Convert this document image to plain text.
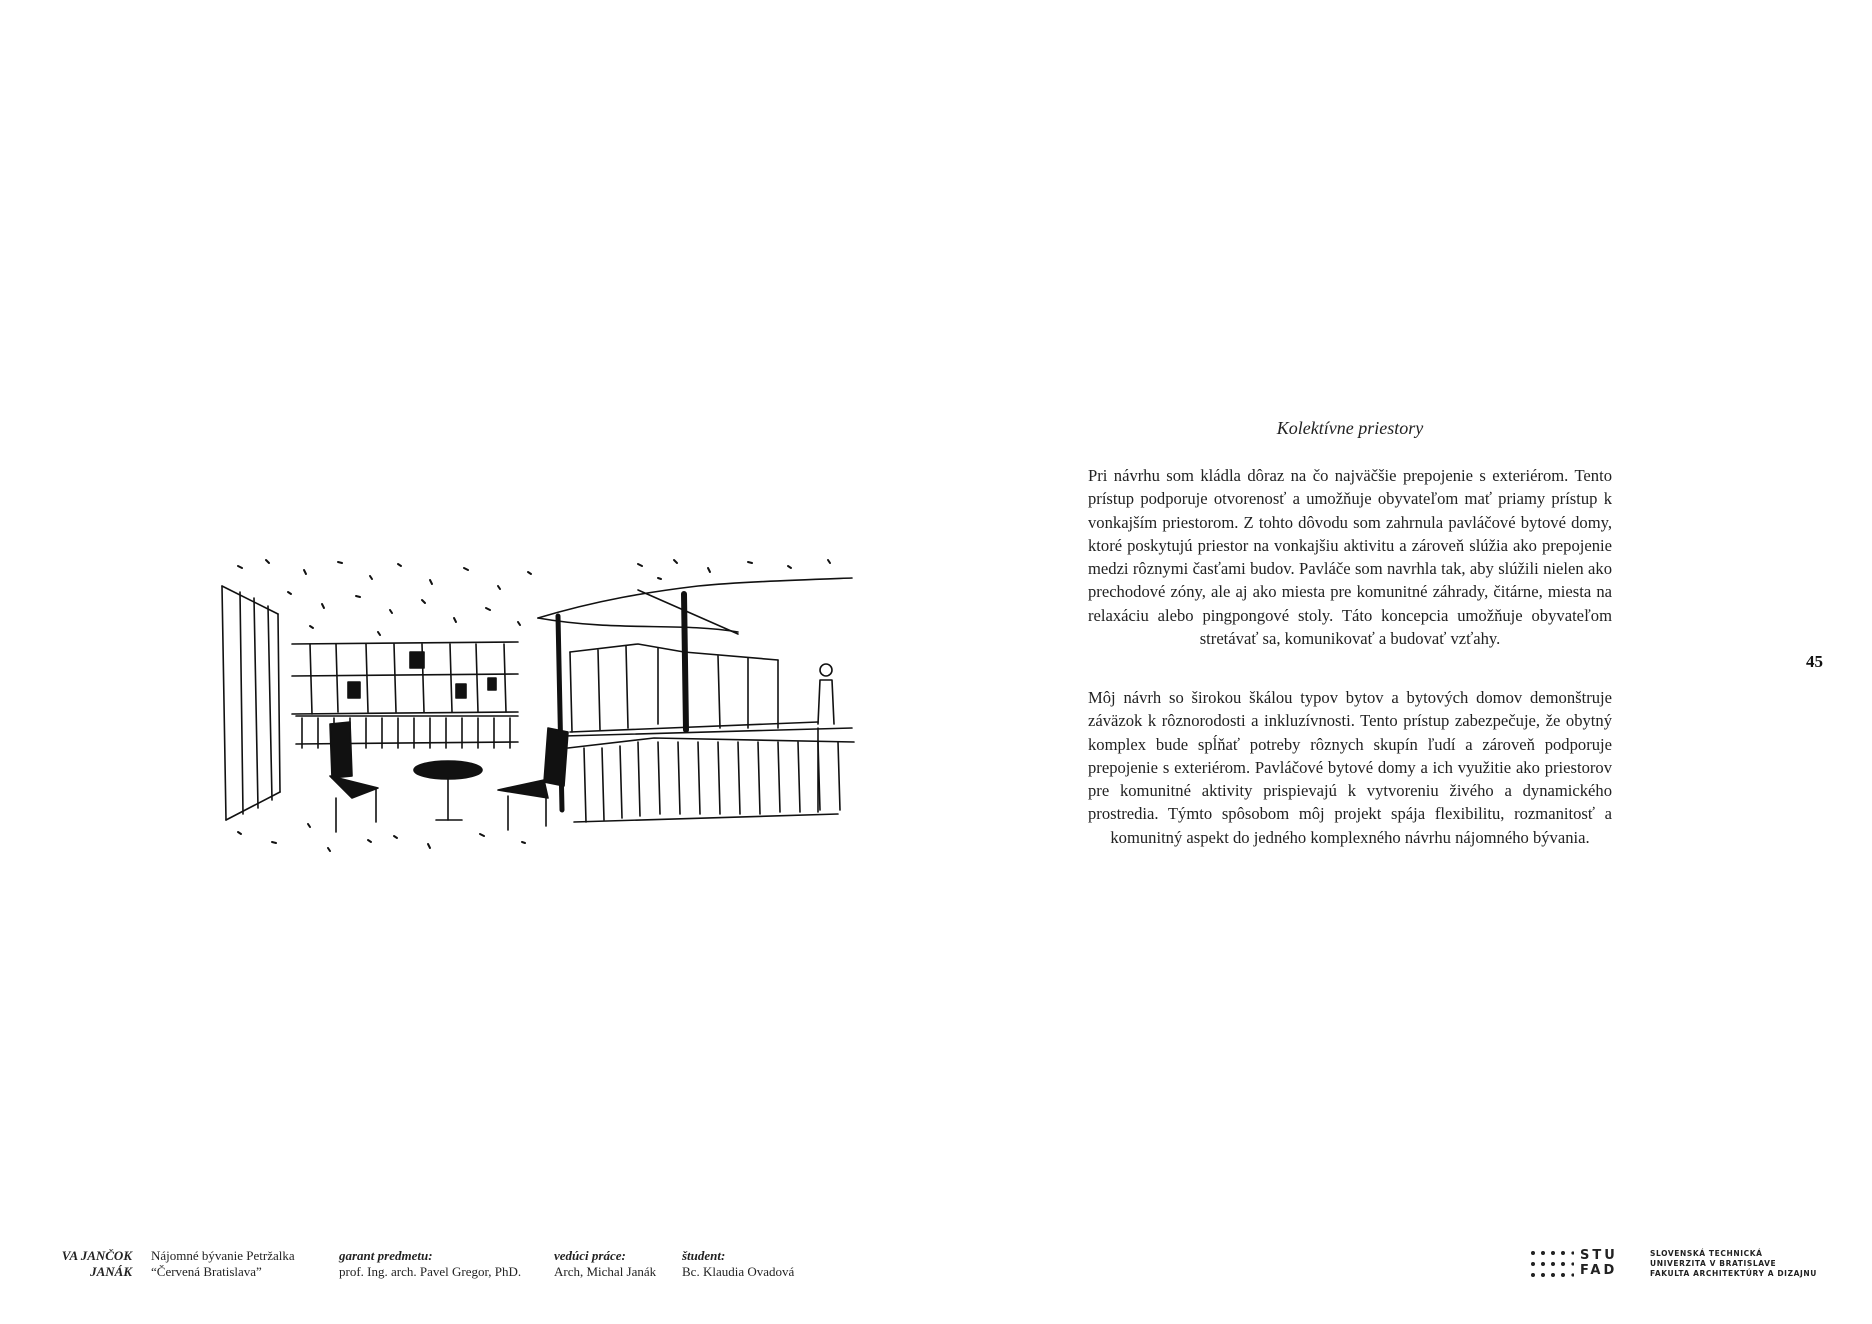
Kolektívne priestory

Pri návrhu som kládla dôraz na čo najväčšie prepojenie s exteriérom. Tento prístup podporuje otvorenosť a umožňuje obyvateľom mať priamy prístup k vonkajším priestorom. Z tohto dôvodu som zahrnula pavláčové bytové domy, ktoré poskytujú priestor na vonkajšiu aktivitu a zároveň slúžia ako prepojenie medzi rôznymi časťami budov. Pavláče som navrhla tak, aby slúžili nielen ako prechodové zóny, ale aj ako miesta pre komunitné záhrady, čitárne, miesta na relaxáciu alebo pingpongové stoly. Táto koncepcia umožňuje obyvateľom stretávať sa, komunikovať a budovať vzťahy.

Môj návrh so širokou škálou typov bytov a bytových domov demonštruje záväzok k rôznorodosti a inkluzívnosti. Tento prístup zabezpečuje, že obytný komplex bude spĺňať potreby rôznych skupín ľudí a zároveň podporuje prepojenie s exteriérom. Pavláčové bytové domy a ich využitie ako priestorov pre komunitné aktivity prispievajú k vytvoreniu živého a dynamického prostredia. Týmto spôsobom môj projekt spája flexibilitu, rozmanitosť a komunitný aspekt do jedného komplexného návrhu nájomného bývania.

45
VA JANČOK
JANÁK
Nájomné bývanie Petržalka
“Červená Bratislava”
garant predmetu:
prof. Ing. arch. Pavel Gregor, PhD.
vedúci práce:
Arch, Michal Janák
študent:
Bc. Klaudia Ovadová
STU
FAD
SLOVENSKÁ TECHNICKÁ
UNIVERZITA V BRATISLAVE
FAKULTA ARCHITEKTÚRY A DIZAJNU
